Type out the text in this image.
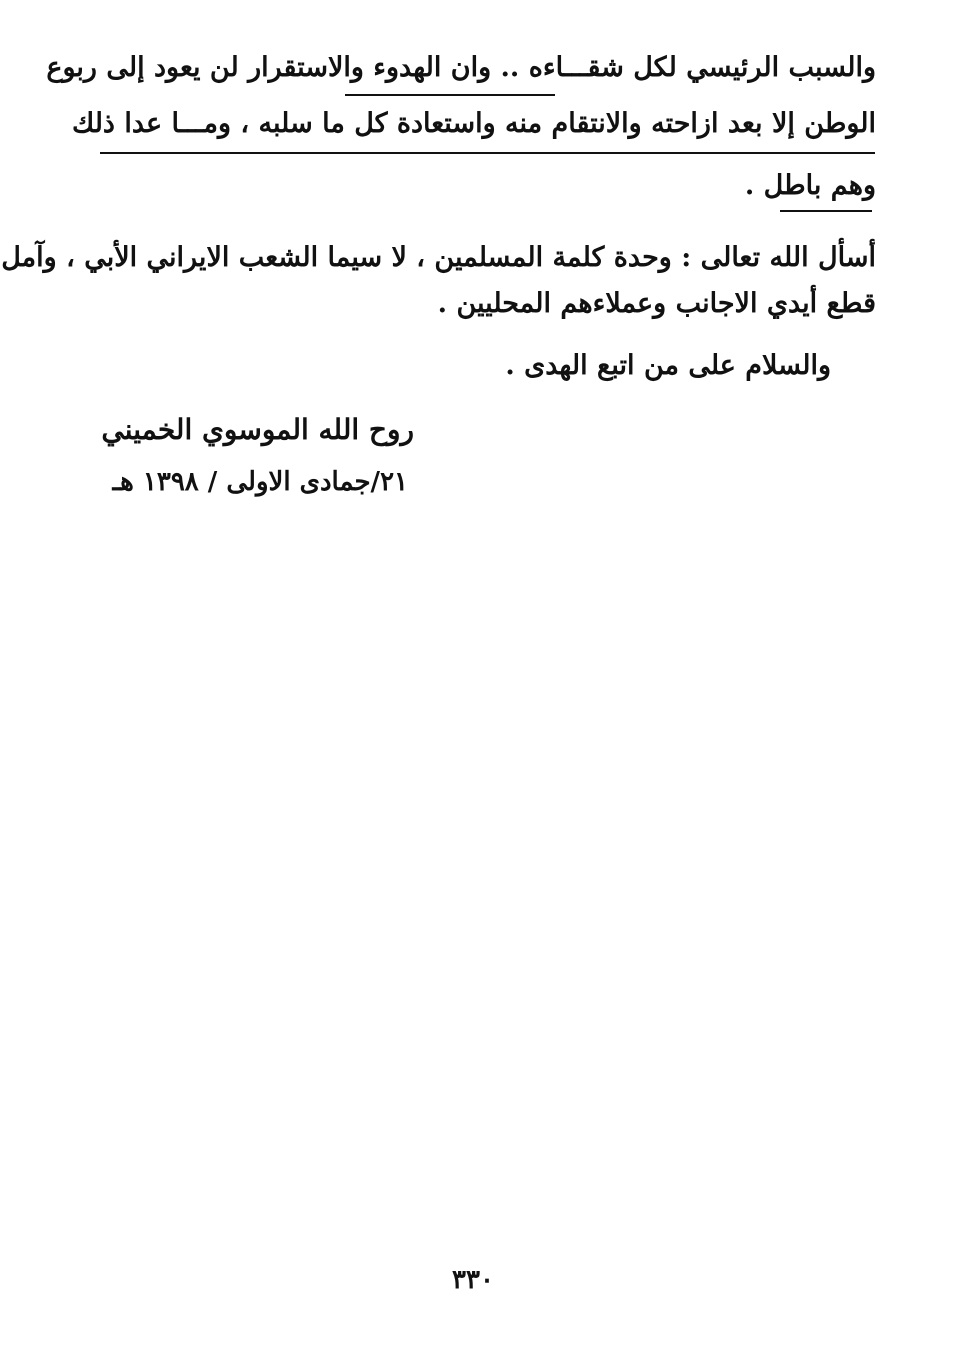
والسبب الرئيسي لكل شقـــاءه .. وان الهدوء والاستقرار لن يعود إلى ربوع
الوطن إلا بعد ازاحته والانتقام منه واستعادة كل ما سلبه ، ومـــا عدا ذلك
وهم باطل .
أسأل الله تعالى : وحدة كلمة المسلمين ، لا سيما الشعب الايراني الأبي ، وآمل
قطع أيدي الاجانب وعملاءهم المحليين .
والسلام على من اتبع الهدى .
روح الله الموسوي الخميني
٢١/جمادى الاولى / ١٣٩٨ هـ
٣٣٠
